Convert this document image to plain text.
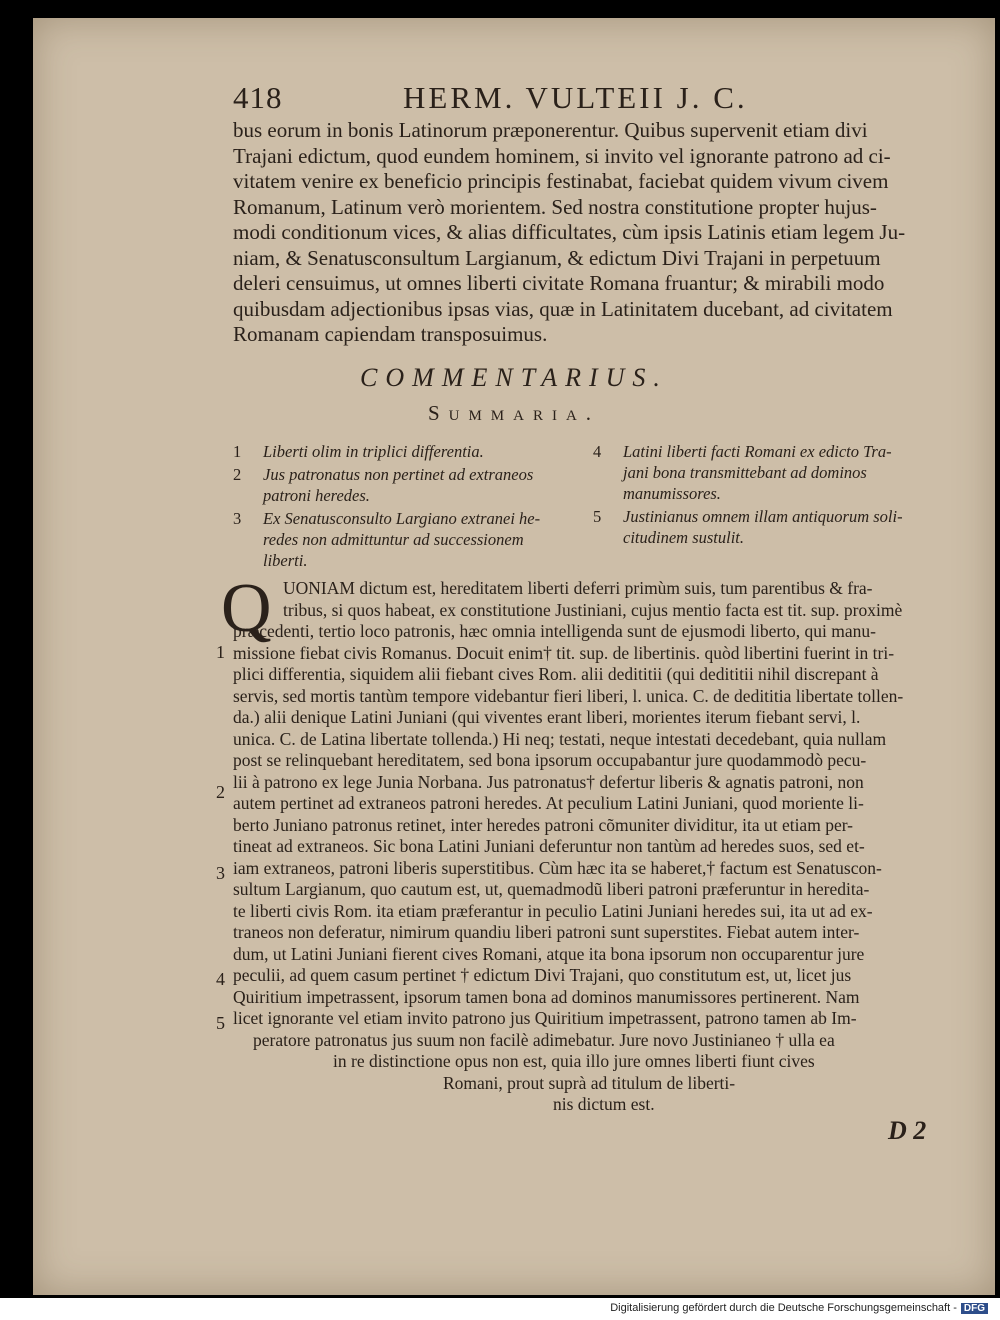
418	HERM. VULTEII J. C.
bus eorum in bonis Latinorum præponerentur. Quibus supervenit etiam divi
Trajani edictum, quod eundem hominem, si invito vel ignorante patrono ad ci-
vitatem venire ex beneficio principis festinabat, faciebat quidem vivum civem
Romanum, Latinum verò morientem. Sed nostra constitutione propter hujus-
modi conditionum vices, & alias difficultates, cùm ipsis Latinis etiam legem Ju-
niam, & Senatusconsultum Largianum, & edictum Divi Trajani in perpetuum
deleri censuimus, ut omnes liberti civitate Romana fruantur; & mirabili modo
quibusdam adjectionibus ipsas vias, quæ in Latinitatem ducebant, ad civitatem
Romanam capiendam transposuimus.
COMMENTARIUS.
Summaria.
1 Liberti olim in triplici differentia.
2 Jus patronatus non pertinet ad extraneos
patroni heredes.
3 Ex Senatusconsulto Largiano extranei he-
redes non admittuntur ad successionem
liberti.
4 Latini liberti facti Romani ex edicto Tra-
jani bona transmittebant ad dominos
manumissores.
5 Justinianus omnem illam antiquorum soli-
citudinem sustulit.
Q UONIAM dictum est, hereditatem liberti deferri primùm suis, tum parentibus & fra-
tribus, si quos habeat, ex constitutione Justiniani, cujus mentio facta est tit. sup. proximè
præcedenti, tertio loco patronis, hæc omnia intelligenda sunt de ejusmodi liberto, qui manu-
missione fiebat civis Romanus. Docuit enim† tit. sup. de libertinis. quòd libertini fuerint in tri-
plici differentia, siquidem alii fiebant cives Rom. alii dedititii (qui dedititii nihil discrepant à
servis, sed mortis tantùm tempore videbantur fieri liberi, l. unica. C. de dedititia libertate tollen-
da.) alii denique Latini Juniani (qui viventes erant liberi, morientes iterum fiebant servi, l.
unica. C. de Latina libertate tollenda.) Hi neq; testati, neque intestati decedebant, quia nullam
post se relinquebant hereditatem, sed bona ipsorum occupabantur jure quodammodò pecu-
lii à patrono ex lege Junia Norbana. Jus patronatus† defertur liberis & agnatis patroni, non
autem pertinet ad extraneos patroni heredes. At peculium Latini Juniani, quod moriente li-
berto Juniano patronus retinet, inter heredes patroni cõmuniter dividitur, ita ut etiam per-
tineat ad extraneos. Sic bona Latini Juniani deferuntur non tantùm ad heredes suos, sed et-
iam extraneos, patroni liberis superstitibus. Cùm hæc ita se haberet,† factum est Senatuscon-
sultum Largianum, quo cautum est, ut, quemadmodũ liberi patroni præferuntur in heredita-
te liberti civis Rom. ita etiam præferantur in peculio Latini Juniani heredes sui, ita ut ad ex-
traneos non deferatur, nimirum quandiu liberi patroni sunt superstites. Fiebat autem inter-
dum, ut Latini Juniani fierent cives Romani, atque ita bona ipsorum non occuparentur jure
peculii, ad quem casum pertinet † edictum Divi Trajani, quo constitutum est, ut, licet jus
Quiritium impetrassent, ipsorum tamen bona ad dominos manumissores pertinerent. Nam
licet ignorante vel etiam invito patrono jus Quiritium impetrassent, patrono tamen ab Im-
peratore patronatus jus suum non facilè adimebatur. Jure novo Justinianeo † ulla ea
in re distinctione opus non est, quia illo jure omnes liberti fiunt cives
Romani, prout suprà ad titulum de liberti-
nis dictum est.
1
2
3
4
5
D 2
Digitalisierung gefördert durch die Deutsche Forschungsgemeinschaft - DFG
